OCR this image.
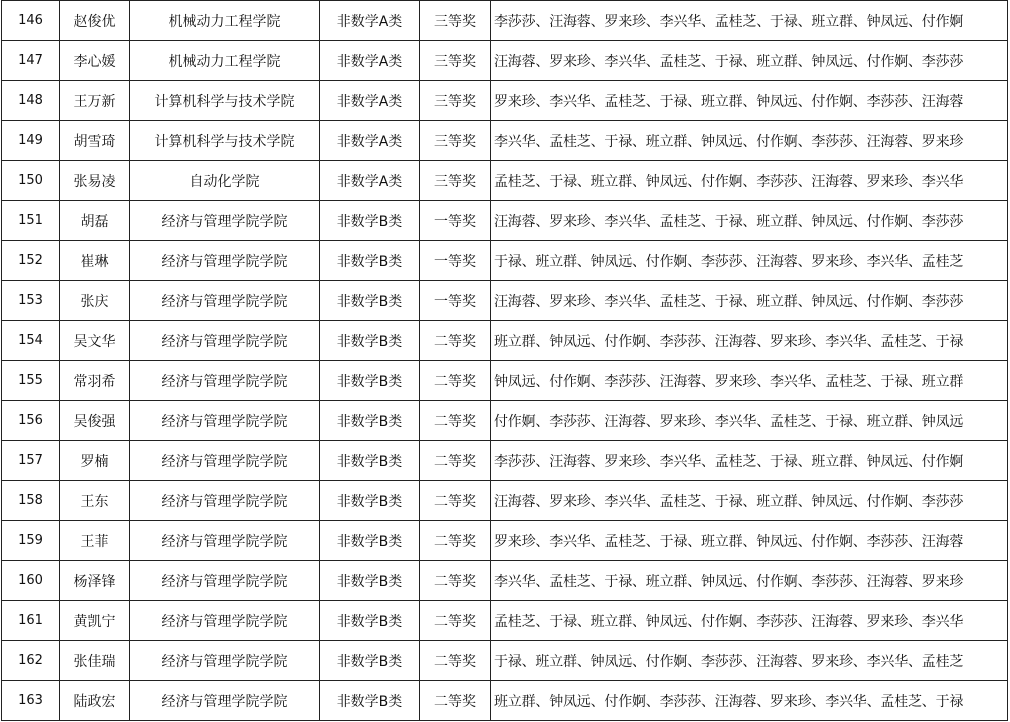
146	赵俊优	机械动力工程学院	非数学A类	三等奖	李莎莎、汪海蓉、罗来珍、李兴华、孟桂芝、于禄、班立群、钟凤远、付作婀
147	李心媛	机械动力工程学院	非数学A类	三等奖	汪海蓉、罗来珍、李兴华、孟桂芝、于禄、班立群、钟凤远、付作婀、李莎莎
148	王万新	计算机科学与技术学院	非数学A类	三等奖	罗来珍、李兴华、孟桂芝、于禄、班立群、钟凤远、付作婀、李莎莎、汪海蓉
149	胡雪琦	计算机科学与技术学院	非数学A类	三等奖	李兴华、孟桂芝、于禄、班立群、钟凤远、付作婀、李莎莎、汪海蓉、罗来珍
150	张易凌	自动化学院	非数学A类	三等奖	孟桂芝、于禄、班立群、钟凤远、付作婀、李莎莎、汪海蓉、罗来珍、李兴华
151	胡磊	经济与管理学院学院	非数学B类	一等奖	汪海蓉、罗来珍、李兴华、孟桂芝、于禄、班立群、钟凤远、付作婀、李莎莎
152	崔琳	经济与管理学院学院	非数学B类	一等奖	于禄、班立群、钟凤远、付作婀、李莎莎、汪海蓉、罗来珍、李兴华、孟桂芝
153	张庆	经济与管理学院学院	非数学B类	一等奖	汪海蓉、罗来珍、李兴华、孟桂芝、于禄、班立群、钟凤远、付作婀、李莎莎
154	吴文华	经济与管理学院学院	非数学B类	二等奖	班立群、钟凤远、付作婀、李莎莎、汪海蓉、罗来珍、李兴华、孟桂芝、于禄
155	常羽希	经济与管理学院学院	非数学B类	二等奖	钟凤远、付作婀、李莎莎、汪海蓉、罗来珍、李兴华、孟桂芝、于禄、班立群
156	吴俊强	经济与管理学院学院	非数学B类	二等奖	付作婀、李莎莎、汪海蓉、罗来珍、李兴华、孟桂芝、于禄、班立群、钟凤远
157	罗楠	经济与管理学院学院	非数学B类	二等奖	李莎莎、汪海蓉、罗来珍、李兴华、孟桂芝、于禄、班立群、钟凤远、付作婀
158	王东	经济与管理学院学院	非数学B类	二等奖	汪海蓉、罗来珍、李兴华、孟桂芝、于禄、班立群、钟凤远、付作婀、李莎莎
159	王菲	经济与管理学院学院	非数学B类	二等奖	罗来珍、李兴华、孟桂芝、于禄、班立群、钟凤远、付作婀、李莎莎、汪海蓉
160	杨泽锋	经济与管理学院学院	非数学B类	二等奖	李兴华、孟桂芝、于禄、班立群、钟凤远、付作婀、李莎莎、汪海蓉、罗来珍
161	黄凯宁	经济与管理学院学院	非数学B类	二等奖	孟桂芝、于禄、班立群、钟凤远、付作婀、李莎莎、汪海蓉、罗来珍、李兴华
162	张佳瑞	经济与管理学院学院	非数学B类	二等奖	于禄、班立群、钟凤远、付作婀、李莎莎、汪海蓉、罗来珍、李兴华、孟桂芝
163	陆政宏	经济与管理学院学院	非数学B类	二等奖	班立群、钟凤远、付作婀、李莎莎、汪海蓉、罗来珍、李兴华、孟桂芝、于禄
